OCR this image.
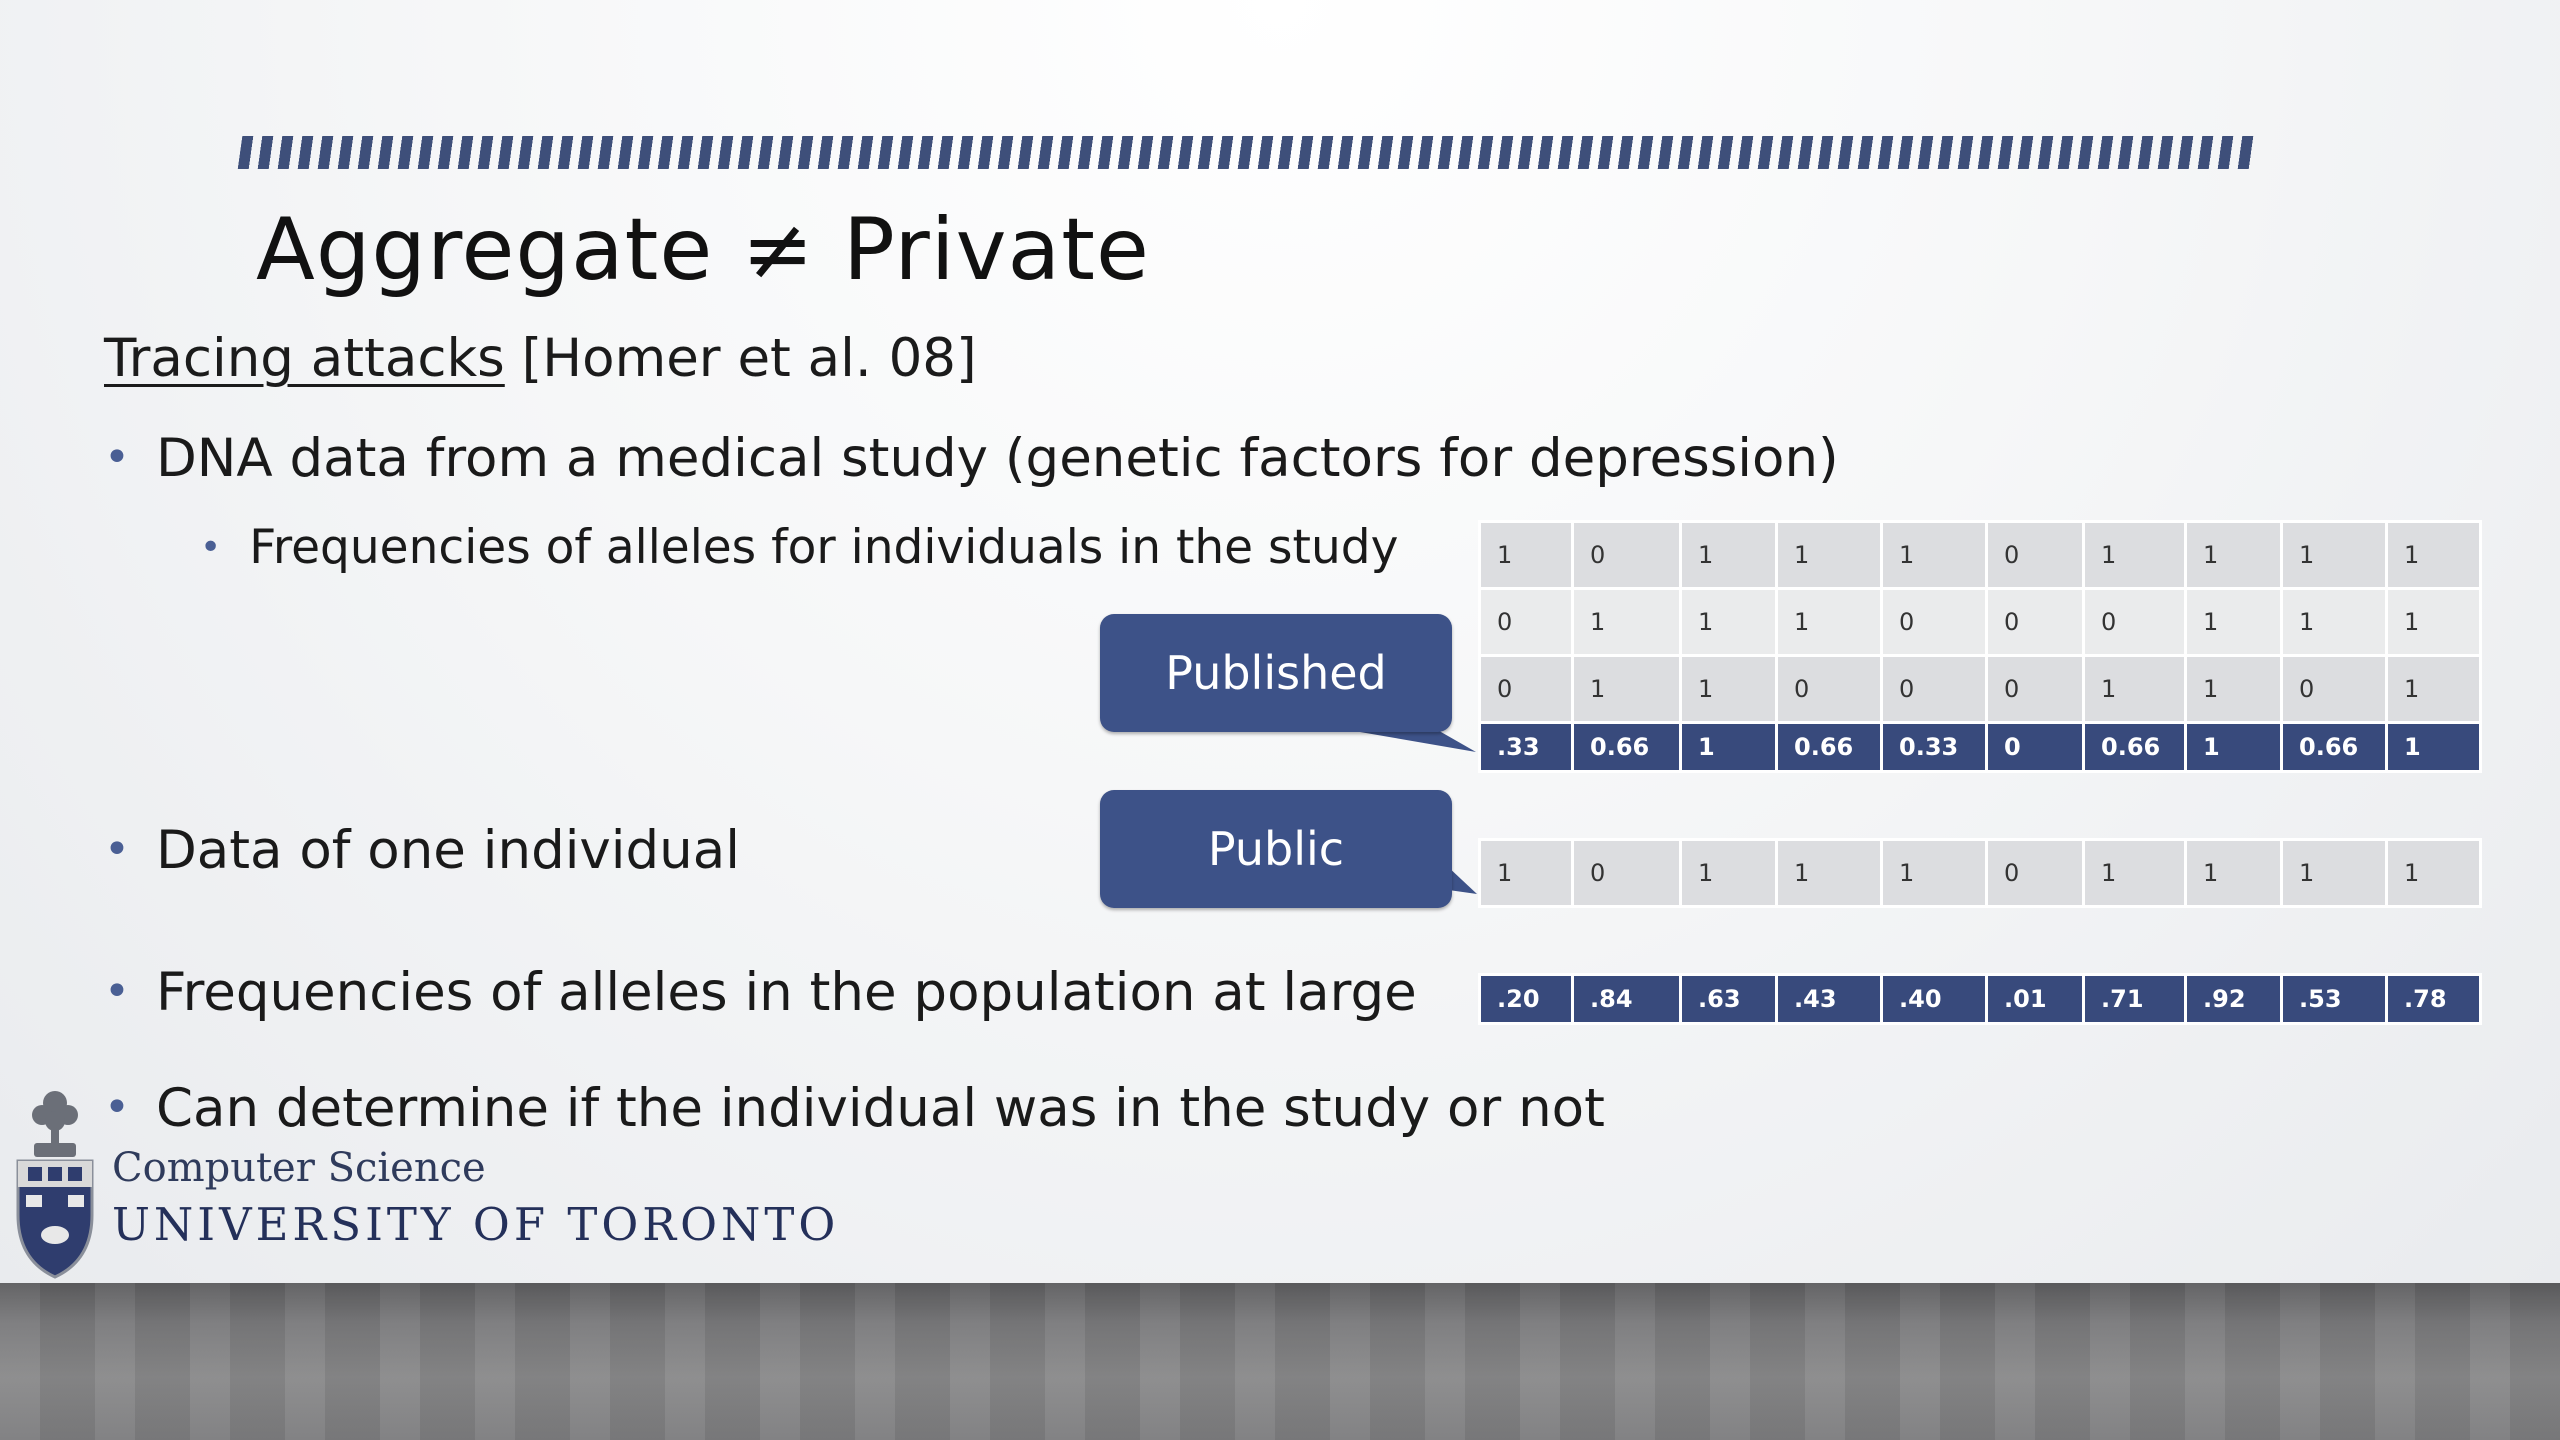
Aggregate ≠ Private
Tracing attacks [Homer et al. 08]
• DNA data from a medical study (genetic factors for depression)
• Frequencies of alleles for individuals in the study	1	0	1	1	1	0	1	1	1	1
0	1	1	1	0	0	0	1	1	1
0	1	1	0	0	0	1	1	0	1
.33	0.66	1	0.66	0.33	0	0.66	1	0.66	1
Published
• Data of one individual	Public	1	0	1	1	1	0	1	1	1	1
• Frequencies of alleles in the population at large	.20	.84	.63	.43	.40	.01	.71	.92	.53	.78
• Can determine if the individual was in the study or not
Computer Science
UNIVERSITY OF TORONTO
